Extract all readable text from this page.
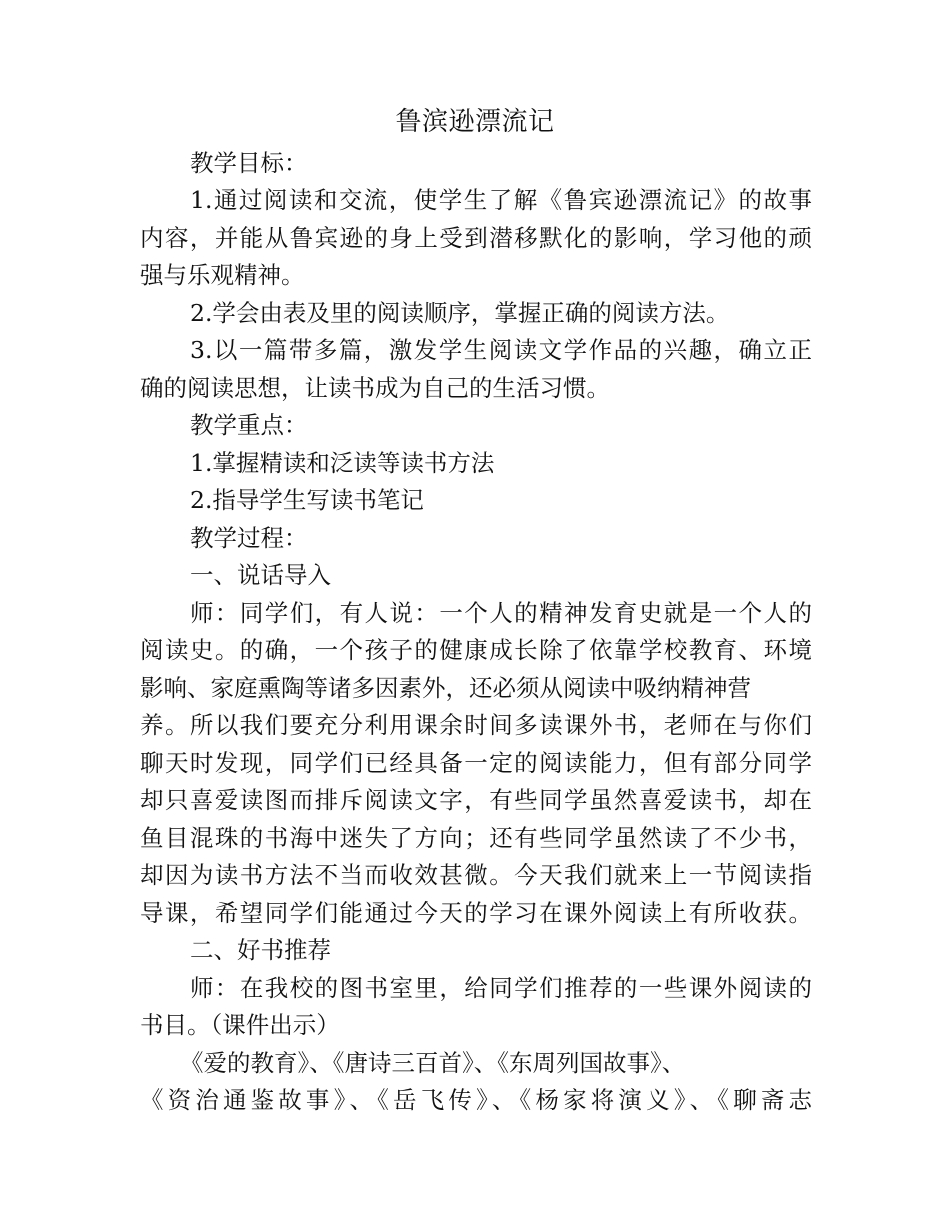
鲁滨逊漂流记
教学目标：
1.通过阅读和交流，使学生了解《鲁宾逊漂流记》的故事
内容，并能从鲁宾逊的身上受到潜移默化的影响，学习他的顽
强与乐观精神。
2.学会由表及里的阅读顺序，掌握正确的阅读方法。
3.以一篇带多篇，激发学生阅读文学作品的兴趣，确立正
确的阅读思想，让读书成为自己的生活习惯。
教学重点：
1.掌握精读和泛读等读书方法
2.指导学生写读书笔记
教学过程：
一、说话导入
师：同学们，有人说：一个人的精神发育史就是一个人的
阅读史。的确，一个孩子的健康成长除了依靠学校教育、环境
影响、家庭熏陶等诸多因素外，还必须从阅读中吸纳精神营
养。所以我们要充分利用课余时间多读课外书，老师在与你们
聊天时发现，同学们已经具备一定的阅读能力，但有部分同学
却只喜爱读图而排斥阅读文字，有些同学虽然喜爱读书，却在
鱼目混珠的书海中迷失了方向；还有些同学虽然读了不少书，
却因为读书方法不当而收效甚微。今天我们就来上一节阅读指
导课，希望同学们能通过今天的学习在课外阅读上有所收获。
二、好书推荐
师：在我校的图书室里，给同学们推荐的一些课外阅读的
书目。（课件出示）
《爱的教育》、《唐诗三百首》、《东周列国故事》、
《资治通鉴故事》、《岳飞传》、《杨家将演义》、《聊斋志
